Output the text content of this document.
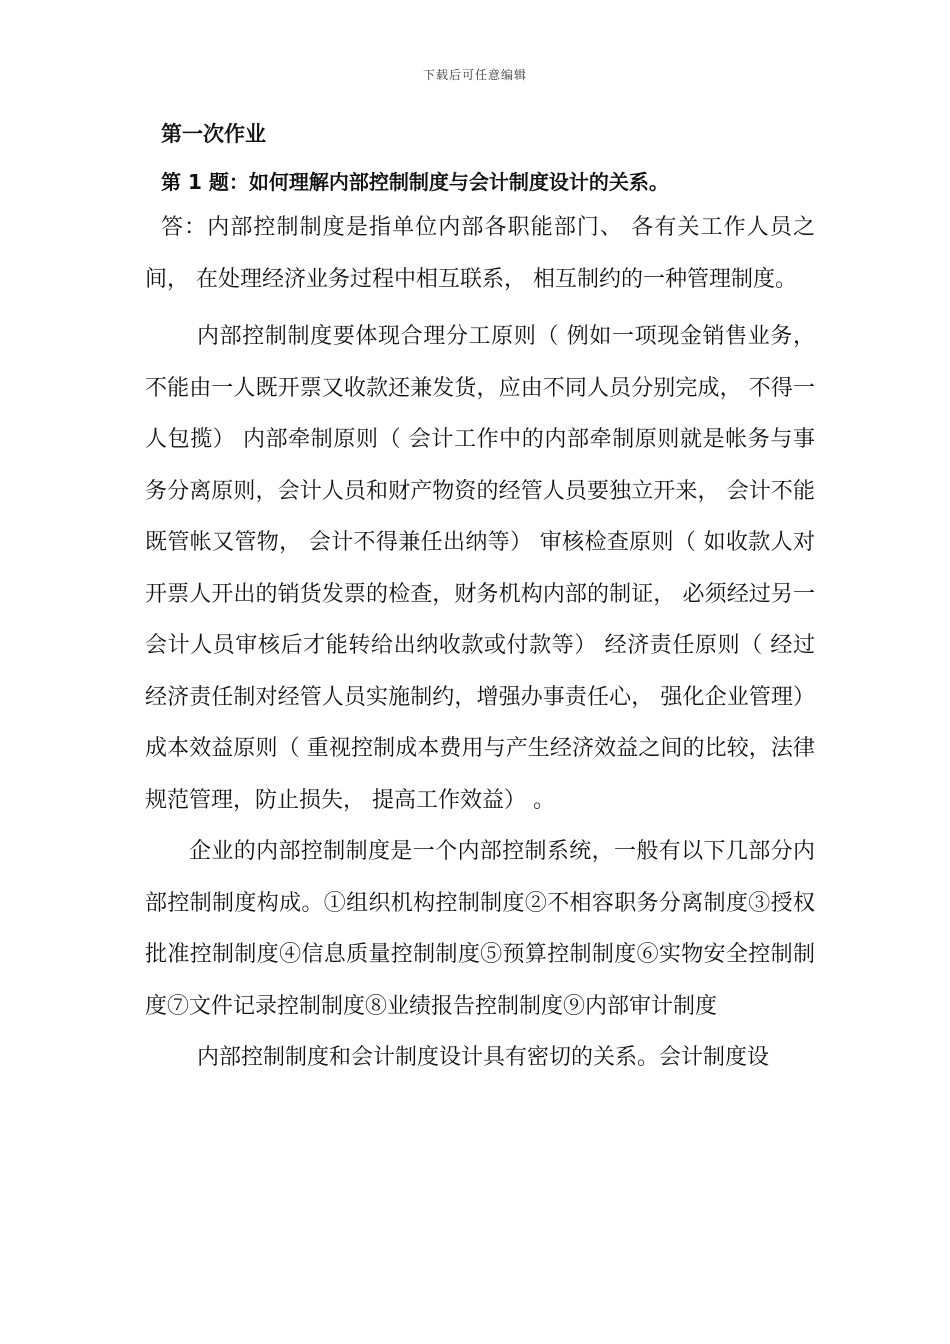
下载后可任意编辑
第一次作业
第 1 题：如何理解内部控制制度与会计制度设计的关系。

答：内部控制制度是指单位内部各职能部门、 各有关工作人员之间， 在处理经济业务过程中相互联系， 相互制约的一种管理制度。

内部控制制度要体现合理分工原则（ 例如一项现金销售业务， 不能由一人既开票又收款还兼发货，应由不同人员分别完成， 不得一人包揽） 内部牵制原则（ 会计工作中的内部牵制原则就是帐务与事务分离原则，会计人员和财产物资的经管人员要独立开来， 会计不能既管帐又管物， 会计不得兼任出纳等） 审核检查原则（ 如收款人对开票人开出的销货发票的检查，财务机构内部的制证， 必须经过另一会计人员审核后才能转给出纳收款或付款等） 经济责任原则（ 经过经济责任制对经管人员实施制约，增强办事责任心， 强化企业管理） 成本效益原则（ 重视控制成本费用与产生经济效益之间的比较，法律规范管理，防止损失， 提高工作效益） 。

企业的内部控制制度是一个内部控制系统，一般有以下几部分内部控制制度构成。①组织机构控制制度②不相容职务分离制度③授权批准控制制度④信息质量控制制度⑤预算控制制度⑥实物安全控制制度⑦文件记录控制制度⑧业绩报告控制制度⑨内部审计制度

内部控制制度和会计制度设计具有密切的关系。会计制度设
